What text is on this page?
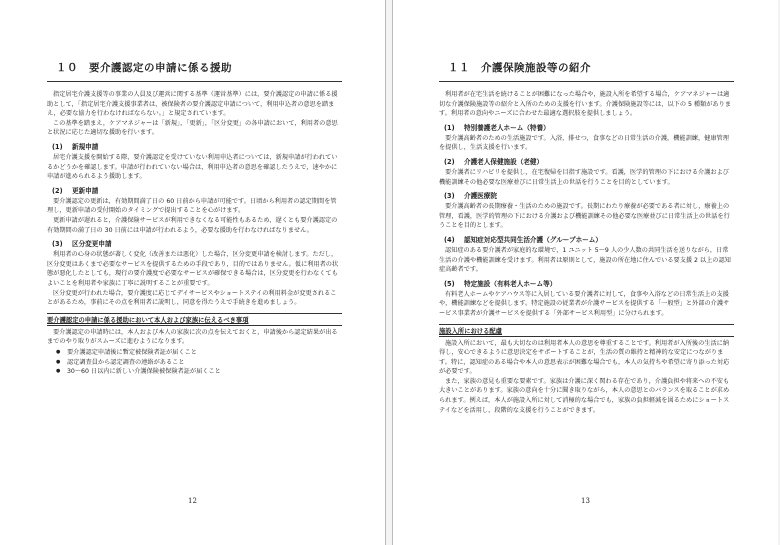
１０　要介護認定の申請に係る援助

指定居宅介護支援等の事業の人員及び運営に関する基準（運営基準）には，要介護認定の申請に係る援助として，「指定居宅介護支援事業者は，被保険者の要介護認定申請について，利用申込者の意思を踏まえ，必要な協力を行わなければならない。」と規定されています。

この基準を踏まえ，ケアマネジャーは「新規」，「更新」，「区分変更」の各申請において，利用者の意思と状況に応じた適切な援助を行います。

(1) 新規申請

居宅介護支援を開始する際，要介護認定を受けていない利用申込者については，新規申請が行われているかどうかを確認します。申請が行われていない場合は，利用申込者の意思を確認したうえで，速やかに申請が進められるよう援助します。

(2) 更新申請

要介護認定の更新は，有効期間満了日の 60 日前から申請が可能です。日頃から利用者の認定期間を管理し，更新申請の受付開始のタイミングで提出することを心がけます。

更新申請が遅れると，介護保険サービスが利用できなくなる可能性もあるため，遅くとも要介護認定の有効期間の満了日の 30 日前には申請が行われるよう，必要な援助を行わなければなりません。

(3) 区分変更申請

利用者の心身の状態が著しく変化（改善または悪化）した場合，区分変更申請を検討します。ただし，区分変更はあくまで必要なサービスを提供するための手段であり，目的ではありません。仮に利用者の状態が悪化したとしても，現行の要介護度で必要なサービスが確保できる場合は，区分変更を行わなくてもよいことを利用者や家族に丁寧に説明することが重要です。

区分変更が行われた場合，要介護度に応じてデイサービスやショートステイの利用料金が変更されることがあるため，事前にその点を利用者に説明し，同意を得たうえで手続きを進めましょう。

要介護認定の申請に係る援助において本人および家族に伝えるべき事項

要介護認定の申請時には，本人および本人の家族に次の点を伝えておくと，申請後から認定結果が出るまでのやり取りがスムーズに進むようになります。

● 要介護認定申請後に暫定被保険者証が届くこと
● 認定調査員から認定調査の連絡があること
● 30～60 日以内に新しい介護保険被保険者証が届くこと
12
１１　介護保険施設等の紹介

利用者が在宅生活を続けることが困難になった場合や，施設入所を希望する場合，ケアマネジャーは適切な介護保険施設等の紹介と入所のための支援を行います。介護保険施設等には，以下の 5 種類があります。利用者の意向やニーズに合わせた最適な選択肢を提供しましょう。

(1) 特別養護老人ホーム（特養）

要介護高齢者のための生活施設です。入浴，排せつ，食事などの日常生活の介護，機能訓練，健康管理を提供し，生活支援を行います。

(2) 介護老人保健施設（老健）

要介護者にリハビリを提供し，在宅復帰を目指す施設です。看護，医学的管理の下における介護および機能訓練その他必要な医療並びに日常生活上の世話を行うことを目的としています。

(3) 介護医療院

要介護高齢者の長期療養・生活のための施設です。長期にわたり療養が必要である者に対し，療養上の管理，看護，医学的管理の下における介護および機能訓練その他必要な医療並びに日常生活上の世話を行うことを目的とします。

(4) 認知症対応型共同生活介護（グループホーム）

認知症のある要介護者が家庭的な環境で，1 ユニット 5～9 人の少人数の共同生活を送りながら，日常生活の介護や機能訓練を受けます。利用者は原則として，施設の所在地に住んでいる要支援 2 以上の認知症高齢者です。

(5) 特定施設（有料老人ホーム等）

有料老人ホームやケアハウス等に入居している要介護者に対して，食事や入浴などの日常生活上の支援や，機能訓練などを提供します。特定施設の従業者が介護サービスを提供する「一般型」と外部の介護サービス事業者が介護サービスを提供する「外部サービス利用型」に分けられます。

施設入所における配慮

施設入所において，最も大切なのは利用者本人の意思を尊重することです。利用者が入所後の生活に納得し，安心できるように意思決定をサポートすることが，生活の質の維持と精神的な安定につながります。特に，認知症のある場合や本人の意思表示が困難な場合でも，本人の気持ちや希望に寄り添った対応が必要です。

また，家族の意見も重要な要素です。家族は介護に深く関わる存在であり，介護負担や将来への不安も大きいことがあります。家族の意向を十分に聞き取りながら，本人の意思とのバランスを取ることが求められます。例えば，本人が施設入所に対して消極的な場合でも，家族の負担軽減を図るためにショートステイなどを活用し，段階的な支援を行うことができます。

13
